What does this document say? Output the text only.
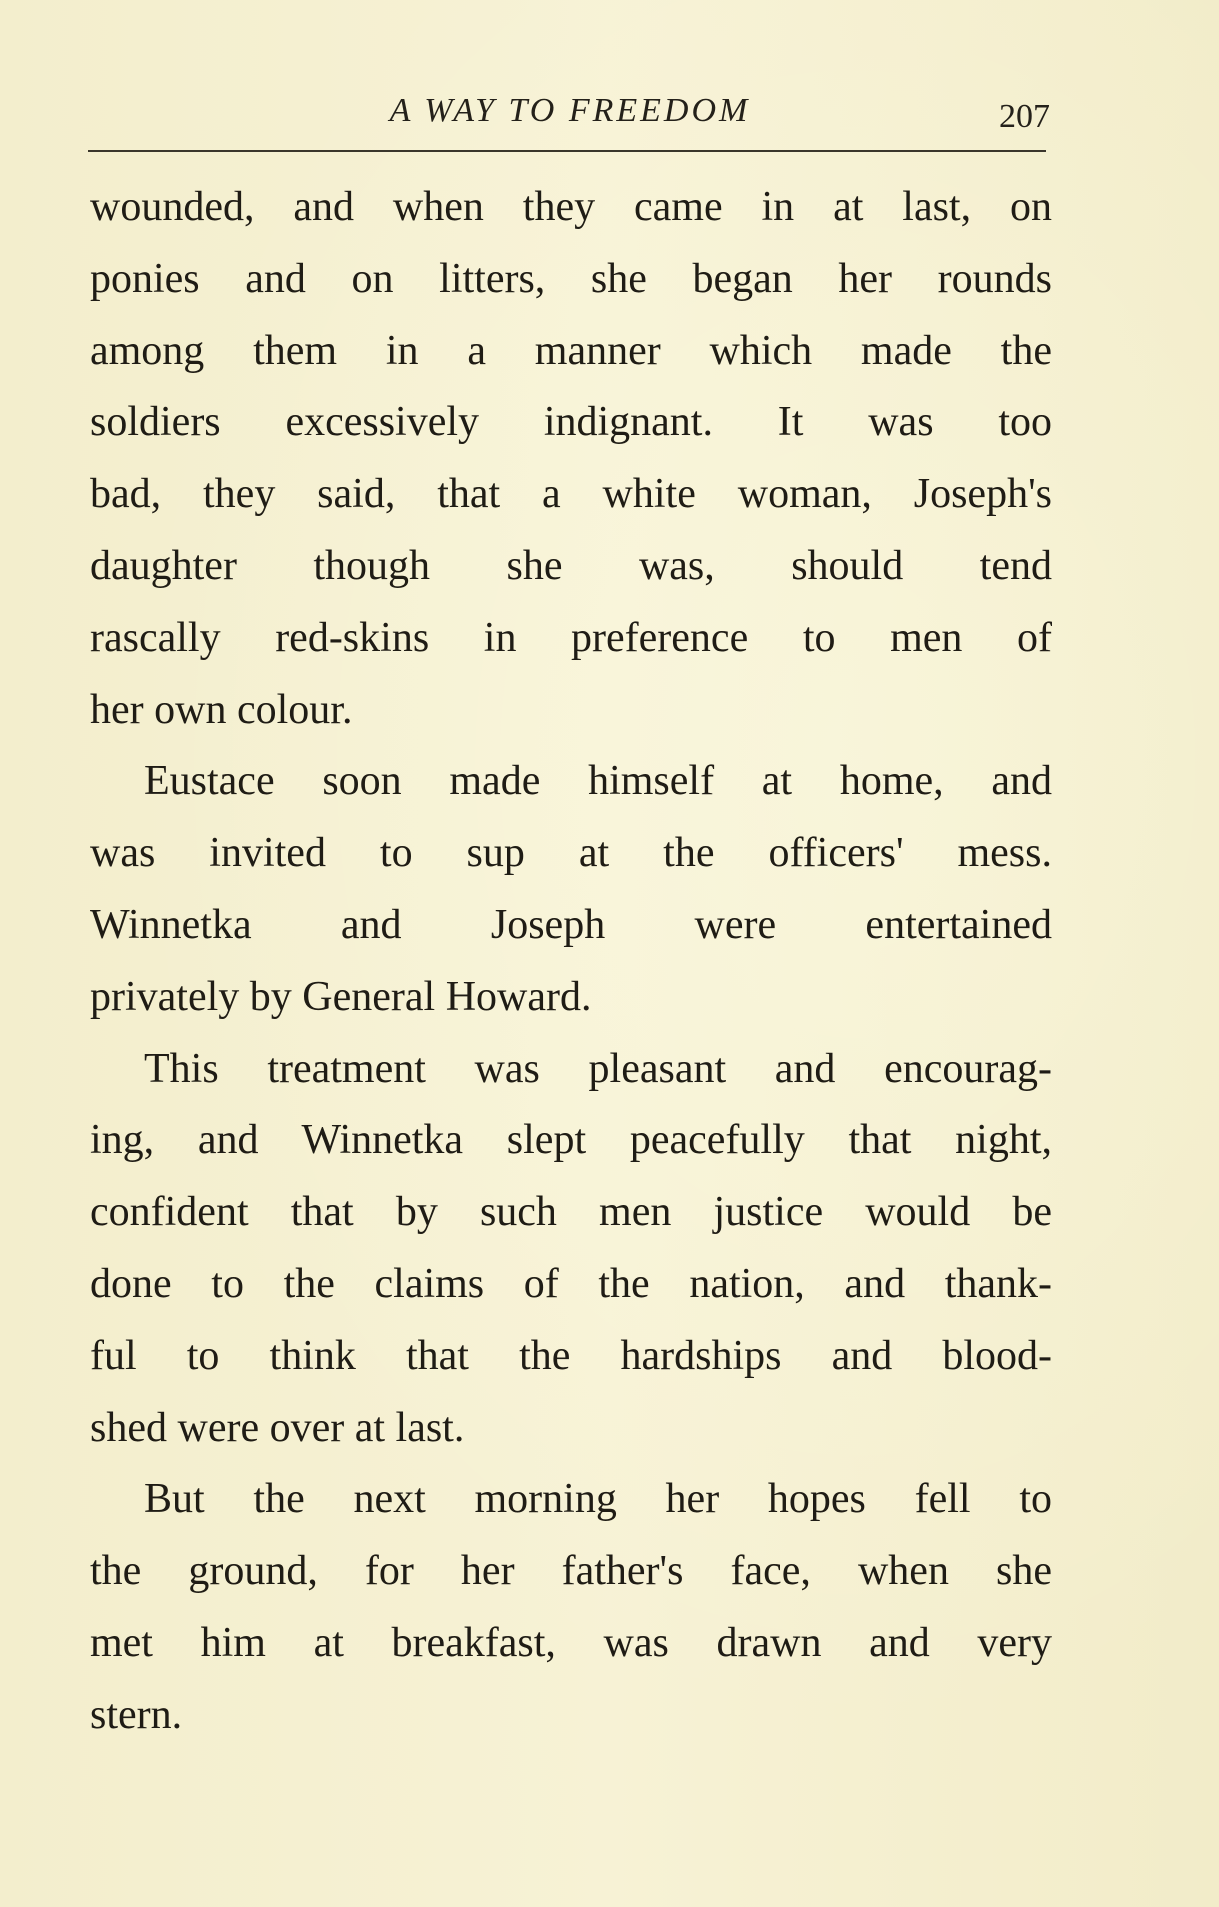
A WAY TO FREEDOM	207
wounded, and when they came in at last, on
ponies and on litters, she began her rounds
among them in a manner which made the
soldiers excessively indignant. It was too
bad, they said, that a white woman, Joseph's
daughter though she was, should tend
rascally red-skins in preference to men of
her own colour.
Eustace soon made himself at home, and
was invited to sup at the officers' mess.
Winnetka and Joseph were entertained
privately by General Howard.
This treatment was pleasant and encourag-
ing, and Winnetka slept peacefully that night,
confident that by such men justice would be
done to the claims of the nation, and thank-
ful to think that the hardships and blood-
shed were over at last.
But the next morning her hopes fell to
the ground, for her father's face, when she
met him at breakfast, was drawn and very
stern.
